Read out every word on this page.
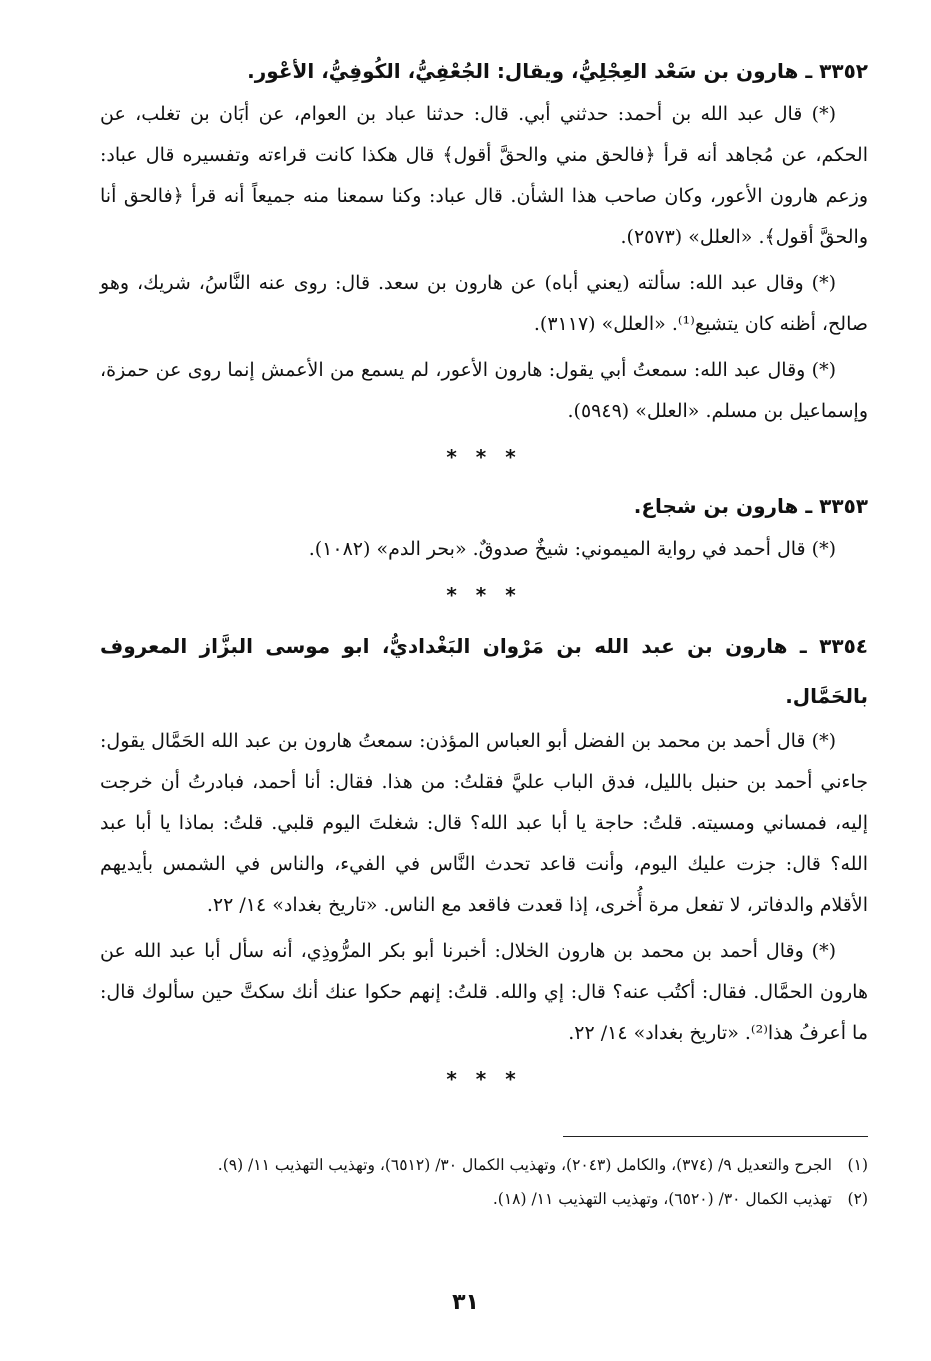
٣٣٥٢ ـ هارون بن سَعْد العِجْلِيُّ، ويقال: الجُعْفِيُّ، الكُوفِيُّ، الأعْور.

(*) قال عبد الله بن أحمد: حدثني أبي. قال: حدثنا عباد بن العوام، عن أبَان بن تغلب، عن الحكم، عن مُجاهد أنه قرأ ﴿فالحق مني والحقَّ أقول﴾ قال هكذا كانت قراءته وتفسيره قال عباد: وزعم هارون الأعور، وكان صاحب هذا الشأن. قال عباد: وكنا سمعنا منه جميعاً أنه قرأ ﴿فالحق أنا والحقَّ أقول﴾. «العلل» (٢٥٧٣).

(*) وقال عبد الله: سألته (يعني أباه) عن هارون بن سعد. قال: روى عنه النَّاسُ، شريك، وهو صالح، أظنه كان يتشيع⁽¹⁾. «العلل» (٣١١٧).

(*) وقال عبد الله: سمعتُ أبي يقول: هارون الأعور، لم يسمع من الأعمش إنما روى عن حمزة، وإسماعيل بن مسلم. «العلل» (٥٩٤٩).

* * *
٣٣٥٣ ـ هارون بن شجاع.

(*) قال أحمد في رواية الميموني: شيخٌ صدوقٌ. «بحر الدم» (١٠٨٢).

* * *
٣٣٥٤ ـ هارون بن عبد الله بن مَرْوان البَغْداديُّ، ابو موسى البزَّاز المعروف بالحَمَّال.

(*) قال أحمد بن محمد بن الفضل أبو العباس المؤذن: سمعتُ هارون بن عبد الله الحَمَّال يقول: جاءني أحمد بن حنبل بالليل، فدق الباب عليَّ فقلتُ: من هذا. فقال: أنا أحمد، فبادرتُ أن خرجت إليه، فمساني ومسيته. قلتُ: حاجة يا أبا عبد الله؟ قال: شغلتَ اليوم قلبي. قلتُ: بماذا يا أبا عبد الله؟ قال: جزت عليك اليوم، وأنت قاعد تحدث النَّاس في الفيء، والناس في الشمس بأيديهم الأقلام والدفاتر، لا تفعل مرة أُخرى، إذا قعدت فاقعد مع الناس. «تاريخ بغداد» ١٤/ ٢٢.

(*) وقال أحمد بن محمد بن هارون الخلال: أخبرنا أبو بكر المرُّوذِي، أنه سأل أبا عبد الله عن هارون الحمَّال. فقال: أكتُب عنه؟ قال: إي والله. قلتُ: إنهم حكوا عنك أنك سكتَّ حين سألوك قال: ما أعرفُ هذا⁽²⁾. «تاريخ بغداد» ١٤/ ٢٢.

* * *

(١)
الجرح والتعديل ٩/ (٣٧٤)، والكامل (٢٠٤٣)، وتهذيب الكمال ٣٠/ (٦٥١٢)، وتهذيب التهذيب ١١/ (٩).

(٢)
تهذيب الكمال ٣٠/ (٦٥٢٠)، وتهذيب التهذيب ١١/ (١٨).

٣١
